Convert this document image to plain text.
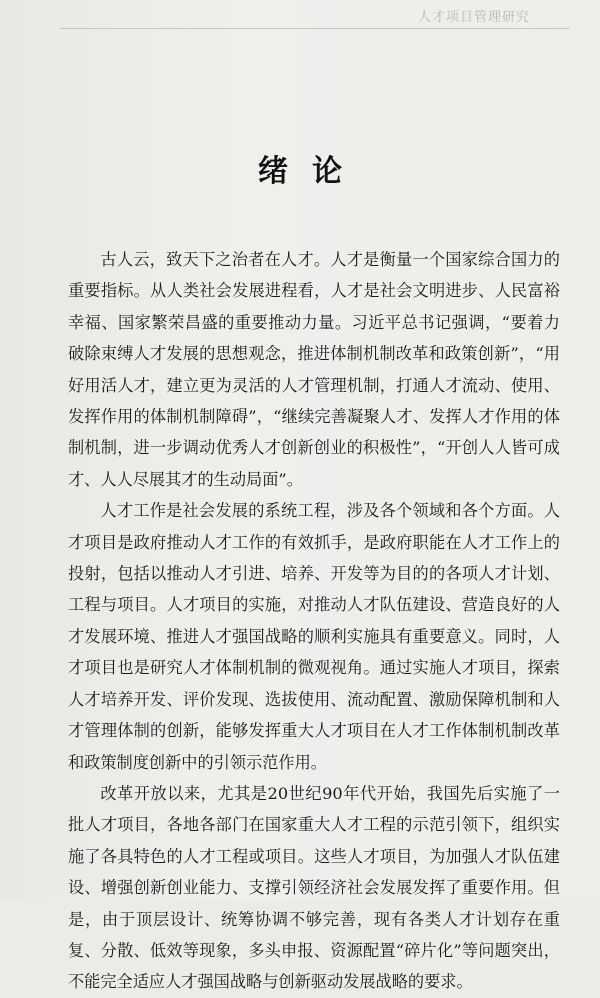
人才项目管理研究
绪论

古人云，致天下之治者在人才。人才是衡量一个国家综合国力的重要指标。从人类社会发展进程看，人才是社会文明进步、人民富裕幸福、国家繁荣昌盛的重要推动力量。习近平总书记强调，“要着力破除束缚人才发展的思想观念，推进体制机制改革和政策创新”，“用好用活人才，建立更为灵活的人才管理机制，打通人才流动、使用、发挥作用的体制机制障碍”，“继续完善凝聚人才、发挥人才作用的体制机制，进一步调动优秀人才创新创业的积极性”，“开创人人皆可成才、人人尽展其才的生动局面”。

人才工作是社会发展的系统工程，涉及各个领域和各个方面。人才项目是政府推动人才工作的有效抓手，是政府职能在人才工作上的投射，包括以推动人才引进、培养、开发等为目的的各项人才计划、工程与项目。人才项目的实施，对推动人才队伍建设、营造良好的人才发展环境、推进人才强国战略的顺利实施具有重要意义。同时，人才项目也是研究人才体制机制的微观视角。通过实施人才项目，探索人才培养开发、评价发现、选拔使用、流动配置、激励保障机制和人才管理体制的创新，能够发挥重大人才项目在人才工作体制机制改革和政策制度创新中的引领示范作用。

改革开放以来，尤其是20世纪90年代开始，我国先后实施了一批人才项目，各地各部门在国家重大人才工程的示范引领下，组织实施了各具特色的人才工程或项目。这些人才项目，为加强人才队伍建设、增强创新创业能力、支撑引领经济社会发展发挥了重要作用。但是，由于顶层设计、统筹协调不够完善，现有各类人才计划存在重复、分散、低效等现象，多头申报、资源配置“碎片化”等问题突出，不能完全适应人才强国战略与创新驱动发展战略的要求。
